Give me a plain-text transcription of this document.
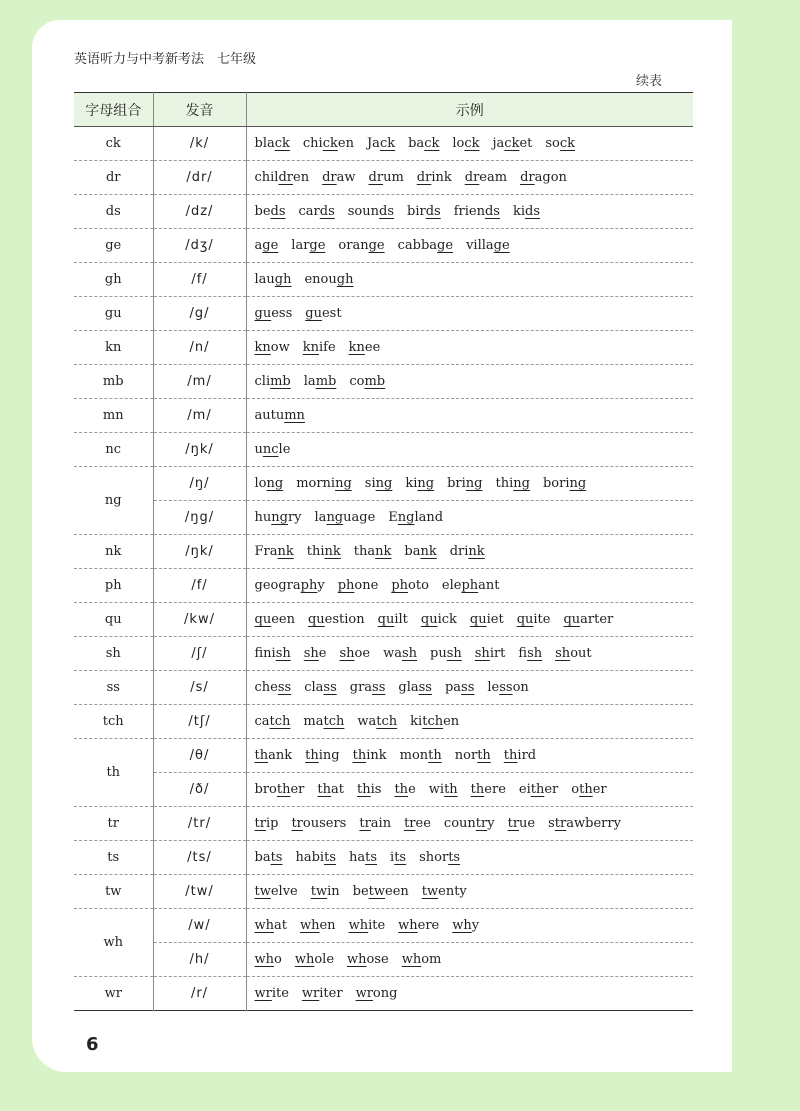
英语听力与中考新考法　七年级
续表
字母组合	发音	示例
ck	/k/	black chicken Jack back lock jacket sock
dr	/dr/	children draw drum drink dream dragon
ds	/dz/	beds cards sounds birds friends kids
ge	/dʒ/	age large orange cabbage village
gh	/f/	laugh enough
gu	/g/	guess guest
kn	/n/	know knife knee
mb	/m/	climb lamb comb
mn	/m/	autumn
nc	/ŋk/	uncle
ng	/ŋ/	long morning sing king bring thing boring
	/ŋg/	hungry language England
nk	/ŋk/	Frank think thank bank drink
ph	/f/	geography phone photo elephant
qu	/kw/	queen question quilt quick quiet quite quarter
sh	/ʃ/	finish she shoe wash push shirt fish shout
ss	/s/	chess class grass glass pass lesson
tch	/tʃ/	catch match watch kitchen
th	/θ/	thank thing think month north third
	/ð/	brother that this the with there either other
tr	/tr/	trip trousers train tree country true strawberry
ts	/ts/	bats habits hats its shorts
tw	/tw/	twelve twin between twenty
wh	/w/	what when white where why
	/h/	who whole whose whom
wr	/r/	write writer wrong
6
